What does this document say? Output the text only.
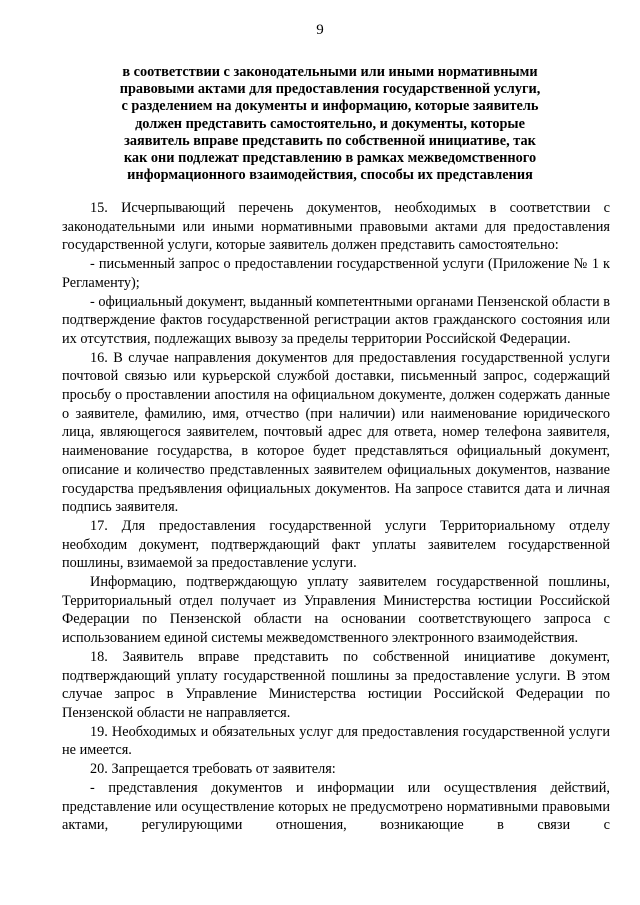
9
в соответствии с законодательными или иными нормативными
правовыми актами для предоставления государственной услуги,
с разделением на документы и информацию, которые заявитель
должен представить самостоятельно, и документы, которые
заявитель вправе представить по собственной инициативе, так
как они подлежат представлению в рамках межведомственного
информационного взаимодействия, способы их представления

15. Исчерпывающий перечень документов, необходимых в соответствии с законодательными или иными нормативными правовыми актами для предоставления государственной услуги, которые заявитель должен представить самостоятельно:

- письменный запрос о предоставлении государственной услуги (Приложение № 1 к Регламенту);

- официальный документ, выданный компетентными органами Пензенской области в подтверждение фактов государственной регистрации актов гражданского состояния или их отсутствия, подлежащих вывозу за пределы территории Российской Федерации.

16. В случае направления документов для предоставления государственной услуги почтовой связью или курьерской службой доставки, письменный запрос, содержащий просьбу о проставлении апостиля на официальном документе, должен содержать данные о заявителе, фамилию, имя, отчество (при наличии) или наименование юридического лица, являющегося заявителем, почтовый адрес для ответа, номер телефона заявителя, наименование государства, в которое будет представляться официальный документ, описание и количество представленных заявителем официальных документов, название государства предъявления официальных документов. На запросе ставится дата и личная подпись заявителя.

17. Для предоставления государственной услуги Территориальному отделу необходим документ, подтверждающий факт уплаты заявителем государственной пошлины, взимаемой за предоставление услуги.

Информацию, подтверждающую уплату заявителем государственной пошлины, Территориальный отдел получает из Управления Министерства юстиции Российской Федерации по Пензенской области на основании соответствующего запроса с использованием единой системы межведомственного электронного взаимодействия.

18. Заявитель вправе представить по собственной инициативе документ, подтверждающий уплату государственной пошлины за предоставление услуги. В этом случае запрос в Управление Министерства юстиции Российской Федерации по Пензенской области не направляется.

19. Необходимых и обязательных услуг для предоставления государственной услуги не имеется.

20. Запрещается требовать от заявителя:

- представления документов и информации или осуществления действий, представление или осуществление которых не предусмотрено нормативными правовыми актами, регулирующими отношения, возникающие в связи с
